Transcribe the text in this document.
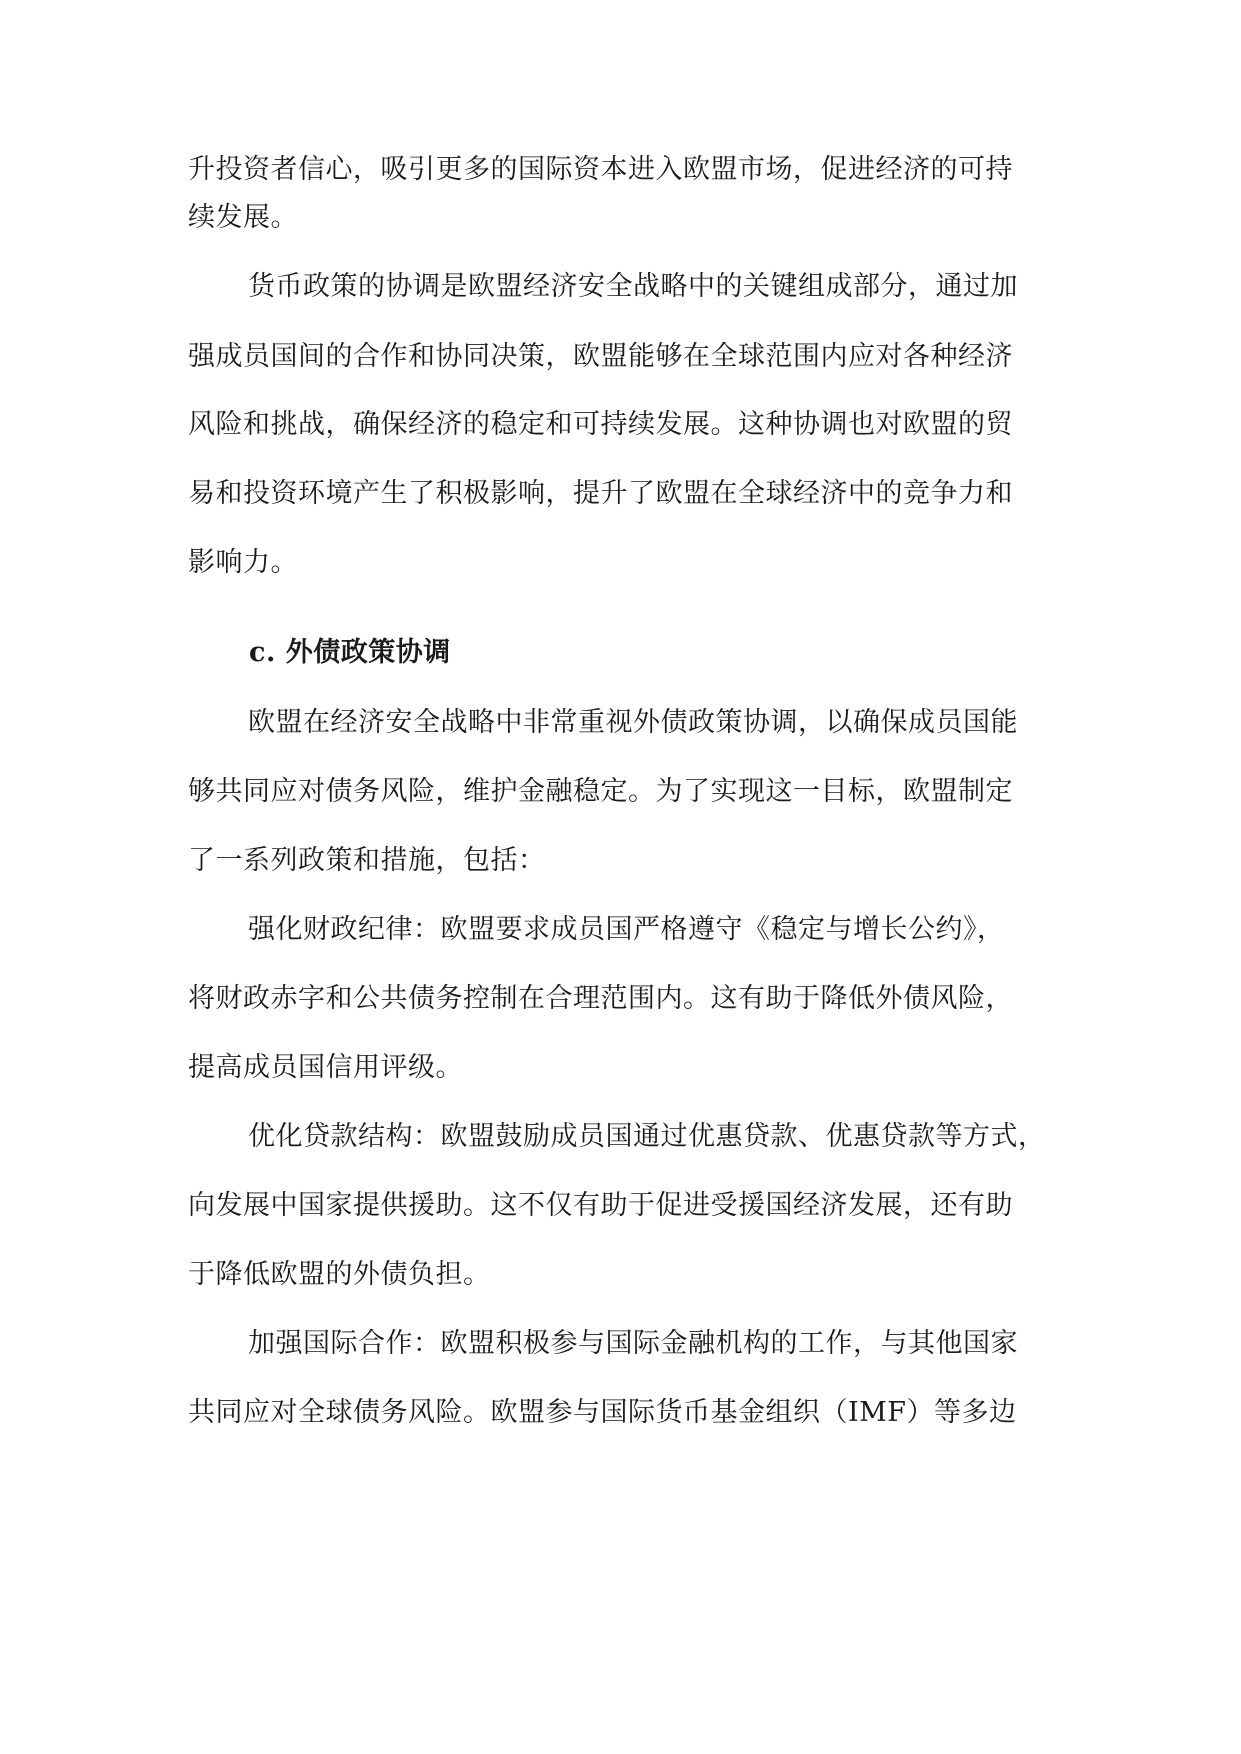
升投资者信心，吸引更多的国际资本进入欧盟市场，促进经济的可持
续发展。
货币政策的协调是欧盟经济安全战略中的关键组成部分，通过加
强成员国间的合作和协同决策，欧盟能够在全球范围内应对各种经济
风险和挑战，确保经济的稳定和可持续发展。这种协调也对欧盟的贸
易和投资环境产生了积极影响，提升了欧盟在全球经济中的竞争力和
影响力。
c. 外债政策协调
欧盟在经济安全战略中非常重视外债政策协调，以确保成员国能
够共同应对债务风险，维护金融稳定。为了实现这一目标，欧盟制定
了一系列政策和措施，包括：
强化财政纪律：欧盟要求成员国严格遵守《稳定与增长公约》，
将财政赤字和公共债务控制在合理范围内。这有助于降低外债风险，
提高成员国信用评级。
优化贷款结构：欧盟鼓励成员国通过优惠贷款、优惠贷款等方式，
向发展中国家提供援助。这不仅有助于促进受援国经济发展，还有助
于降低欧盟的外债负担。
加强国际合作：欧盟积极参与国际金融机构的工作，与其他国家
共同应对全球债务风险。欧盟参与国际货币基金组织（IMF）等多边
